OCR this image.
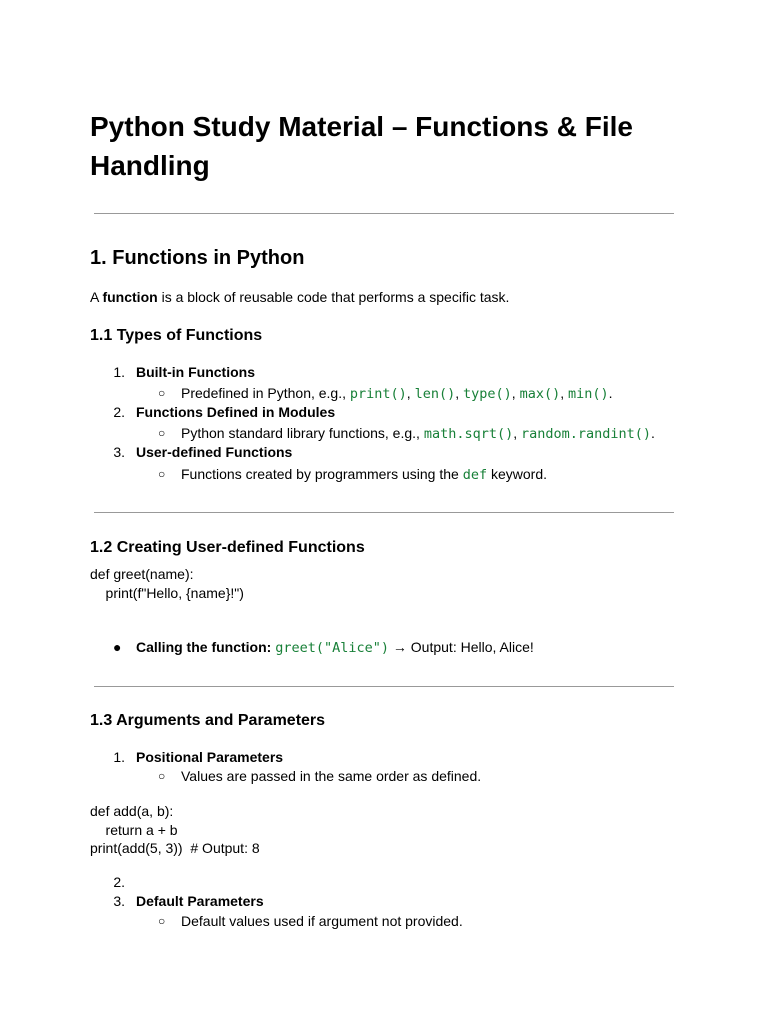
Python Study Material – Functions & File Handling
1. Functions in Python
A function is a block of reusable code that performs a specific task.
1.1 Types of Functions
1. Built-in Functions
○ Predefined in Python, e.g., print(), len(), type(), max(), min().
2. Functions Defined in Modules
○ Python standard library functions, e.g., math.sqrt(), random.randint().
3. User-defined Functions
○ Functions created by programmers using the def keyword.
1.2 Creating User-defined Functions
def greet(name):
print(f"Hello, {name}!")
● Calling the function: greet("Alice") → Output: Hello, Alice!
1.3 Arguments and Parameters
1. Positional Parameters
○ Values are passed in the same order as defined.
def add(a, b):
return a + b
print(add(5, 3))  # Output: 8
2.
3. Default Parameters
○ Default values used if argument not provided.
